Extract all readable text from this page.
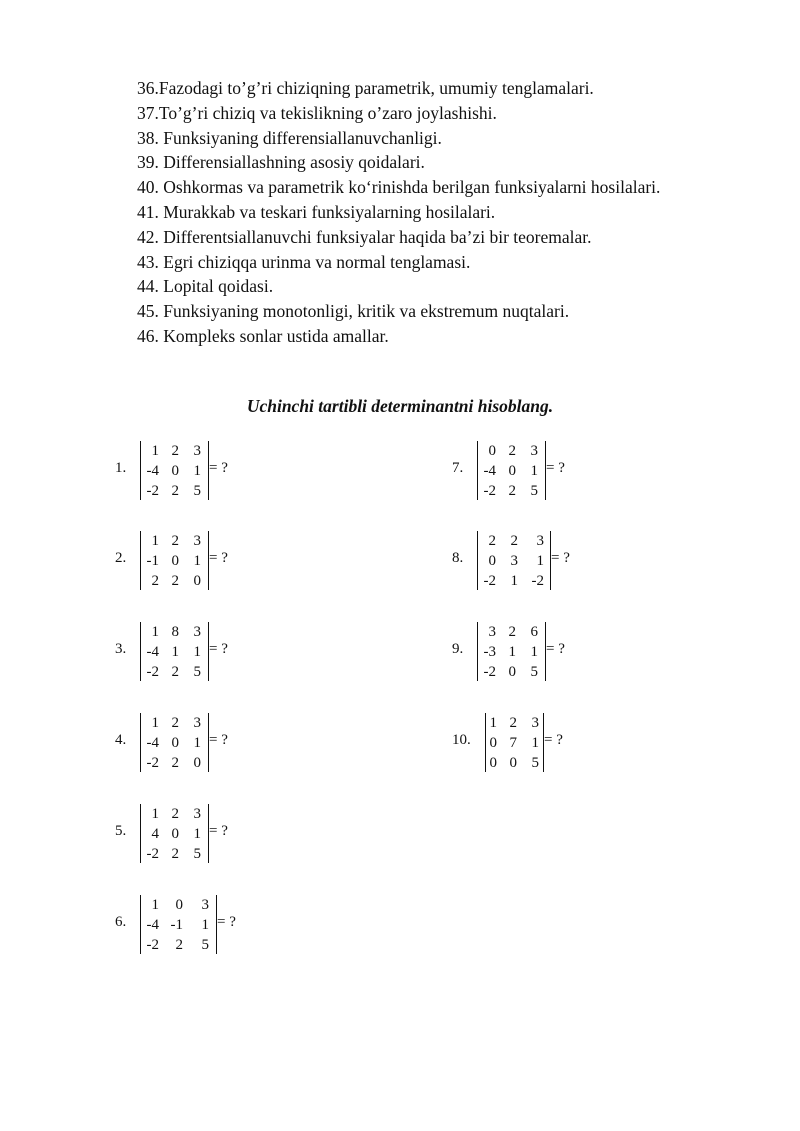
36.Fazodagi to’g’ri chiziqning parametrik, umumiy tenglamalari.
37.To’g’ri chiziq va tekislikning o’zaro joylashishi.
38. Funksiyaning differensiallanuvchanligi.
39. Differensiallashning asosiy qoidalari.
40. Oshkormas va parametrik ko‘rinishda berilgan funksiyalarni hosilalari.
41. Murakkab va teskari funksiyalarning hosilalari.
42. Differentsiallanuvchi funksiyalar haqida ba’zi bir teoremalar.
43. Egri chiziqqa urinma va normal tenglamasi.
44. Lopital qoidasi.
45. Funksiyaning monotonligi, kritik va ekstremum nuqtalari.
46. Kompleks sonlar ustida amallar.
Uchinchi tartibli determinantni hisoblang.
1.
1 2 3
-4 0 1
-2 2 5
= ?
2.
1 2 3
-1 0 1
2 2 0
= ?
3.
1 8 3
-4 1 1
-2 2 5
= ?
4.
1 2 3
-4 0 1
-2 2 0
= ?
5.
1 2 3
4 0 1
-2 2 5
= ?
6.
1	0	3
-4 -1	1
-2	2	5
= ?
7.
0 2 3
-4 0 1
-2 2 5
= ?
8.
2 2	3
0 3	1
-2 1 -2
= ?
9.
3 2 6
-3 1 1
-2 0 5
= ?
10.
1 2 3
0 7 1
0 0 5
= ?
